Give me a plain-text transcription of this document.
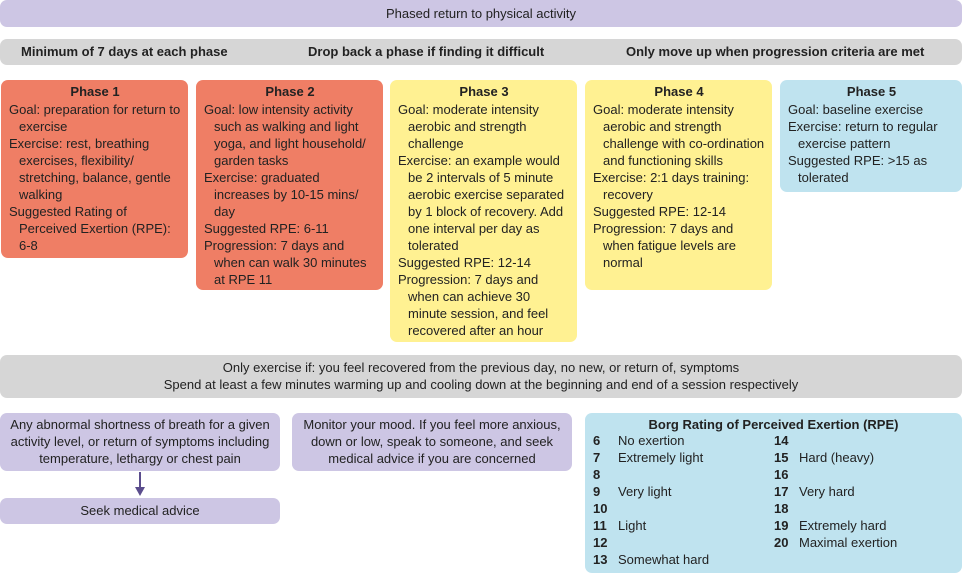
Phased return to physical activity
Minimum of 7 days at each phase	Drop back a phase if finding it difficult	Only move up when progression criteria are met
Phase 1
Goal: preparation for return to exercise
Exercise: rest, breathing exercises, flexibility/ stretching, balance, gentle walking
Suggested Rating of Perceived Exertion (RPE): 6-8
Phase 2
Goal: low intensity activity such as walking and light yoga, and light household/ garden tasks
Exercise: graduated increases by 10-15 mins/ day
Suggested RPE: 6-11
Progression: 7 days and when can walk 30 minutes at RPE 11
Phase 3
Goal: moderate intensity aerobic and strength challenge
Exercise: an example would be 2 intervals of 5 minute aerobic exercise separated by 1 block of recovery. Add one interval per day as tolerated
Suggested RPE: 12-14
Progression: 7 days and when can achieve 30 minute session, and feel recovered after an hour
Phase 4
Goal: moderate intensity aerobic and strength challenge with co-ordination and functioning skills
Exercise: 2:1 days training: recovery
Suggested RPE: 12-14
Progression: 7 days and when fatigue levels are normal
Phase 5
Goal: baseline exercise
Exercise: return to regular exercise pattern
Suggested RPE: >15 as tolerated
Only exercise if: you feel recovered from the previous day, no new, or return of, symptoms
Spend at least a few minutes warming up and cooling down at the beginning and end of a session respectively
Any abnormal shortness of breath for a given activity level, or return of symptoms including temperature, lethargy or chest pain
Seek medical advice
Monitor your mood. If you feel more anxious, down or low, speak to someone, and seek medical advice if you are concerned
Borg Rating of Perceived Exertion (RPE)
6 No exertion
7 Extremely light
8
9 Very light
10
11 Light
12
13 Somewhat hard
14
15 Hard (heavy)
16
17 Very hard
18
19 Extremely hard
20 Maximal exertion
